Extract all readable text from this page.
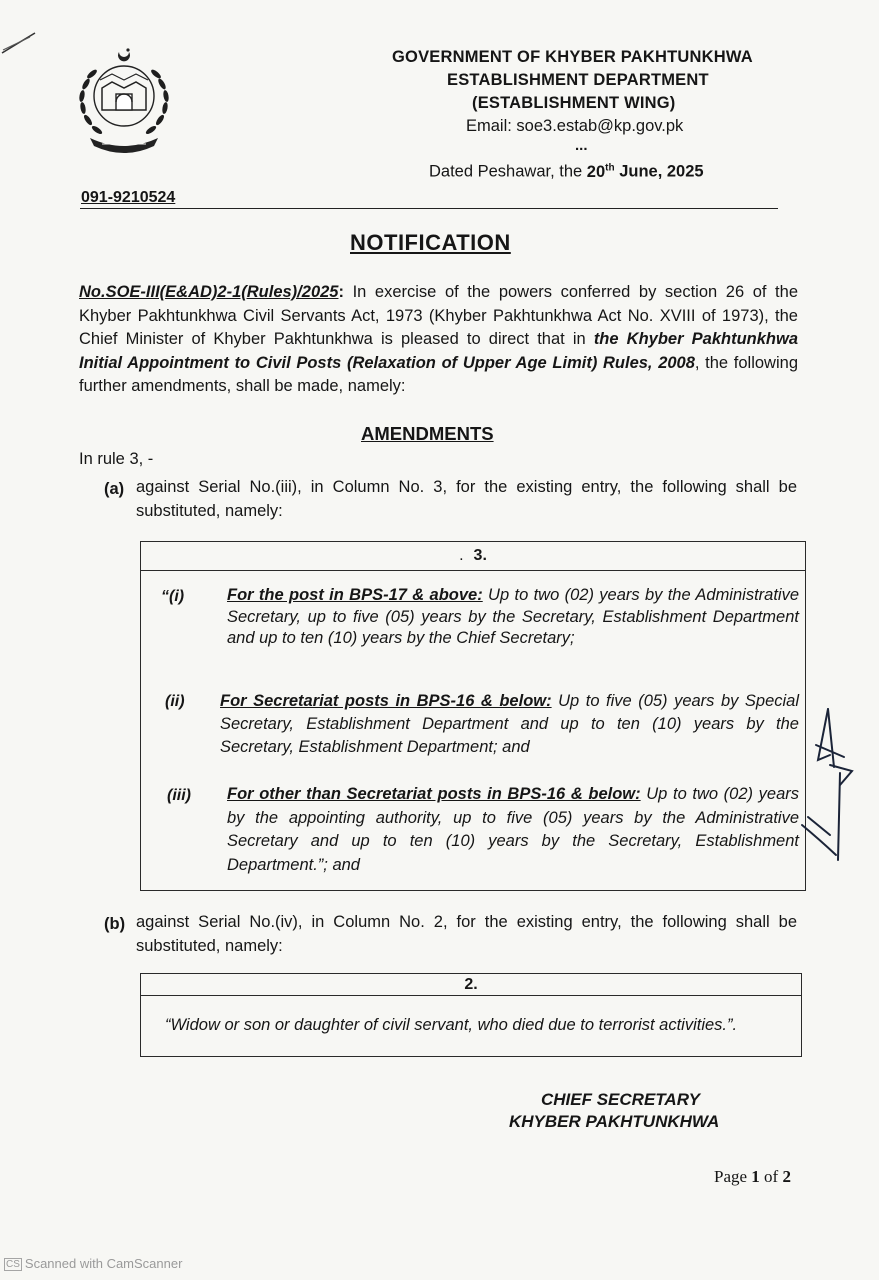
GOVERNMENT OF KHYBER PAKHTUNKHWA
ESTABLISHMENT DEPARTMENT
(ESTABLISHMENT WING)
Email: soe3.estab@kp.gov.pk
...
Dated Peshawar, the 20th June, 2025
091-9210524
NOTIFICATION
No.SOE-III(E&AD)2-1(Rules)/2025: In exercise of the powers conferred by section 26 of the Khyber Pakhtunkhwa Civil Servants Act, 1973 (Khyber Pakhtunkhwa Act No. XVIII of 1973), the Chief Minister of Khyber Pakhtunkhwa is pleased to direct that in the Khyber Pakhtunkhwa Initial Appointment to Civil Posts (Relaxation of Upper Age Limit) Rules, 2008, the following further amendments, shall be made, namely:
AMENDMENTS
In rule 3, -
(a) against Serial No.(iii), in Column No. 3, for the existing entry, the following shall be substituted, namely:
. 3.
“(i)	For the post in BPS-17 & above: Up to two (02) years by the Administrative Secretary, up to five (05) years by the Secretary, Establishment Department and up to ten (10) years by the Chief Secretary;
(ii) For Secretariat posts in BPS-16 & below: Up to five (05) years by Special Secretary, Establishment Department and up to ten (10) years by the Secretary, Establishment Department; and
(iii) For other than Secretariat posts in BPS-16 & below: Up to two (02) years by the appointing authority, up to five (05) years by the Administrative Secretary and up to ten (10) years by the Secretary, Establishment Department.”; and
(b) against Serial No.(iv), in Column No. 2, for the existing entry, the following shall be substituted, namely:
2.
“Widow or son or daughter of civil servant, who died due to terrorist activities.”.
CHIEF SECRETARY
KHYBER PAKHTUNKHWA
Page 1 of 2
CS Scanned with CamScanner
